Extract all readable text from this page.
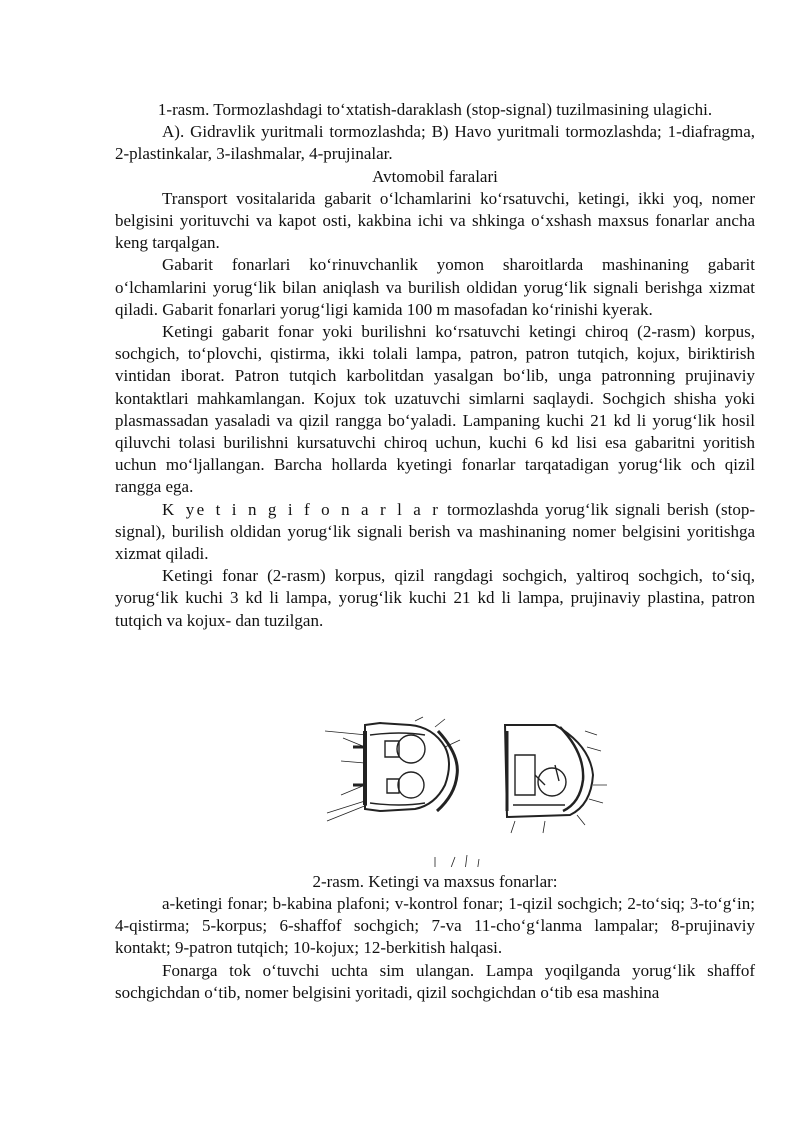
1-rasm. Tormozlashdagi to‘xtatish-daraklash (stop-signal) tuzilmasining ulagichi.

A). Gidravlik yuritmali tormozlashda; B) Havo yuritmali tormozlashda; 1-diafragma, 2-plastinkalar, 3-ilashmalar, 4-prujinalar.

Avtomobil faralari

Transport vositalarida gabarit o‘lchamlarini ko‘rsatuvchi, ketingi, ikki yoq, nomer belgisini yorituvchi va kapot osti, kakbina ichi va shkinga o‘xshash maxsus fonarlar ancha keng tarqalgan.

Gabarit fonarlari ko‘rinuvchanlik yomon sharoitlarda mashinaning gabarit o‘lchamlarini yorug‘lik bilan aniqlash va burilish oldidan yorug‘lik signali berishga xizmat qiladi. Gabarit fonarlari yorug‘ligi kamida 100 m masofadan ko‘rinishi kyerak.

Ketingi gabarit fonar yoki burilishni ko‘rsatuvchi ketingi chiroq (2-rasm) korpus, sochgich, to‘plovchi, qistirma, ikki tolali lampa, patron, patron tutqich, kojux, biriktirish vintidan iborat. Patron tutqich karbolitdan yasalgan bo‘lib, unga patronning prujinaviy kontaktlari mahkamlangan. Kojux tok uzatuvchi simlarni saqlaydi. Sochgich shisha yoki plasmassadan yasaladi va qizil rangga bo‘yaladi. Lampaning kuchi 21 kd li yorug‘lik hosil qiluvchi tolasi burilishni kursatuvchi chiroq uchun, kuchi 6 kd lisi esa gabaritni yoritish uchun mo‘ljallangan. Barcha hollarda kyetingi fonarlar tarqatadigan yorug‘lik och qizil rangga ega.

K ye t i n g i f o n a r l a r tormozlashda yorug‘lik signali berish (stop-signal), burilish oldidan yorug‘lik signali berish va mashinaning nomer belgisini yoritishga xizmat qiladi.

Ketingi fonar (2-rasm) korpus, qizil rangdagi sochgich, yaltiroq sochgich, to‘siq, yorug‘lik kuchi 3 kd li lampa, yorug‘lik kuchi 21 kd li lampa, prujinaviy plastina, patron tutqich va kojux- dan tuzilgan.

2-rasm. Ketingi va maxsus fonarlar:

a-ketingi fonar; b-kabina plafoni; v-kontrol fonar; 1-qizil sochgich; 2-to‘siq; 3-to‘g‘in; 4-qistirma; 5-korpus; 6-shaffof sochgich; 7-va 11-cho‘g‘lanma lampalar; 8-prujinaviy kontakt; 9-patron tutqich; 10-kojux; 12-berkitish halqasi.

Fonarga tok o‘tuvchi uchta sim ulangan. Lampa yoqilganda yorug‘lik shaffof sochgichdan o‘tib, nomer belgisini yoritadi, qizil sochgichdan o‘tib esa mashina
